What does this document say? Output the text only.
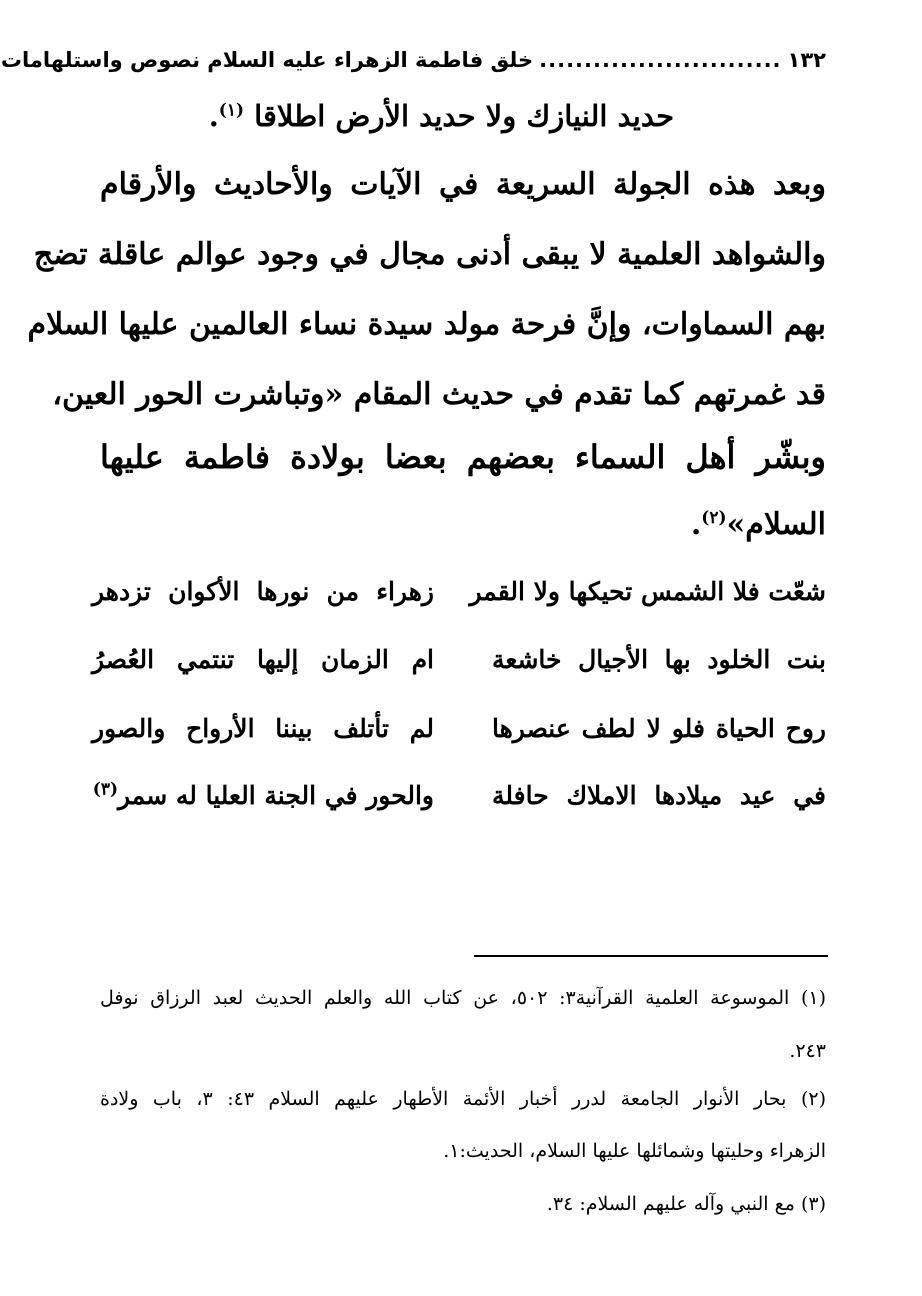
١٣٢
...........................
خلق فاطمة الزهراء عليه السلام نصوص واستلهامات
حديد النيازك ولا حديد الأرض اطلاقا $^{(١)}$.
وبعد هذه الجولة السريعة في الآيات والأحاديث والأرقام
والشواهد العلمية لا يبقى أدنى مجال في وجود عوالم عاقلة تضج
بهم السماوات، وإنَّ فرحة مولد سيدة نساء العالمين عليها السلام
قد غمرتهم كما تقدم في حديث المقام «وتباشرت الحور العين،
وبشّر أهل السماء بعضهم بعضا بولادة فاطمة عليها
السلام»$^{(٢)}$.
شعّت فلا الشمس تحيكها ولا القمر
زهراء من نورها الأكوان تزدهر
بنت الخلود بها الأجيال خاشعة
ام الزمان إليها تنتمي العُصرُ
روح الحياة فلو لا لطف عنصرها
لم تأتلف بيننا الأرواح والصور
في عيد ميلادها الاملاك حافلة
والحور في الجنة العليا له سمر$^{(٣)}$
(١) الموسوعة العلمية القرآنية٣: ٥٠٢، عن كتاب الله والعلم الحديث لعبد الرزاق نوفل
٢٤٣.
(٢) بحار الأنوار الجامعة لدرر أخبار الأئمة الأطهار عليهم السلام ٤٣: ٣، باب ولادة
الزهراء وحليتها وشمائلها عليها السلام، الحديث:١.
(٣) مع النبي وآله عليهم السلام: ٣٤.
